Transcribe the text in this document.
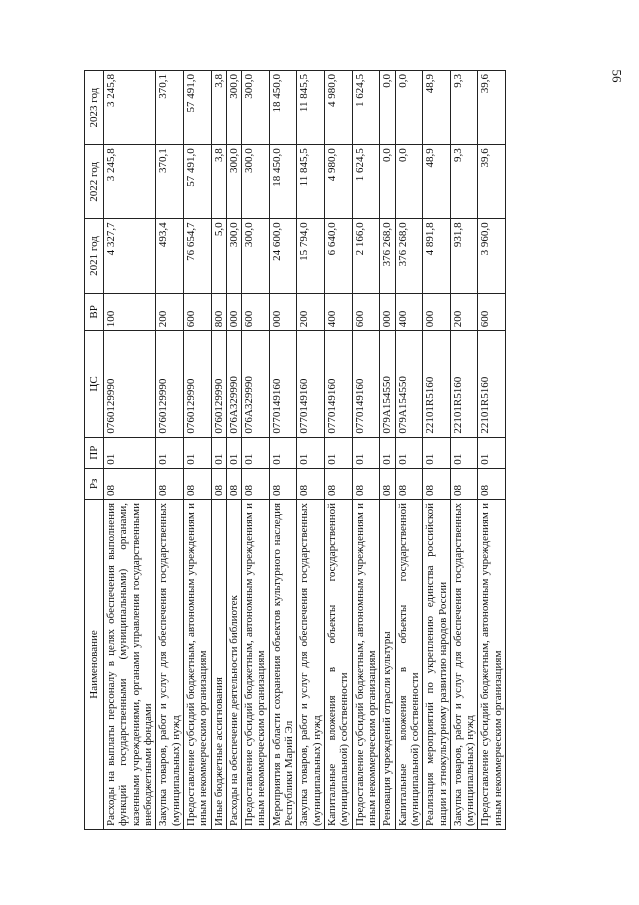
56
Наименование	Рз	ПР	ЦС	ВР	2021 год	2022 год	2023 год
Расходы на выплаты персоналу в целях обеспечения выполнения функций государственными (муниципальными) органами, казенными учреждениями, органами управления государственными внебюджетными фондами	08	01	0760129990	100	4 327,7	3 245,8	3 245,8
Закупка товаров, работ и услуг для обеспечения государственных (муниципальных) нужд	08	01	0760129990	200	493,4	370,1	370,1
Предоставление субсидий бюджетным, автономным учреждениям и иным некоммерческим организациям	08	01	0760129990	600	76 654,7	57 491,0	57 491,0
Иные бюджетные ассигнования	08	01	0760129990	800	5,0	3,8	3,8
Расходы на обеспечение деятельности библиотек	08	01	076А329990	000	300,0	300,0	300,0
Предоставление субсидий бюджетным, автономным учреждениям и иным некоммерческим организациям	08	01	076А329990	600	300,0	300,0	300,0
Мероприятия в области сохранения объектов культурного наследия Республики Марий Эл	08	01	0770149160	000	24 600,0	18 450,0	18 450,0
Закупка товаров, работ и услуг для обеспечения государственных (муниципальных) нужд	08	01	0770149160	200	15 794,0	11 845,5	11 845,5
Капитальные вложения в объекты государственной (муниципальной) собственности	08	01	0770149160	400	6 640,0	4 980,0	4 980,0
Предоставление субсидий бюджетным, автономным учреждениям и иным некоммерческим организациям	08	01	0770149160	600	2 166,0	1 624,5	1 624,5
Реновация учреждений отрасли культуры	08	01	079А154550	000	376 268,0	0,0	0,0
Капитальные вложения в объекты государственной (муниципальной) собственности	08	01	079А154550	400	376 268,0	0,0	0,0
Реализация мероприятий по укреплению единства российской нации и этнокультурному развитию народов России	08	01	22101R5160	000	4 891,8	48,9	48,9
Закупка товаров, работ и услуг для обеспечения государственных (муниципальных) нужд	08	01	22101R5160	200	931,8	9,3	9,3
Предоставление субсидий бюджетным, автономным учреждениям и иным некоммерческим организациям	08	01	22101R5160	600	3 960,0	39,6	39,6
